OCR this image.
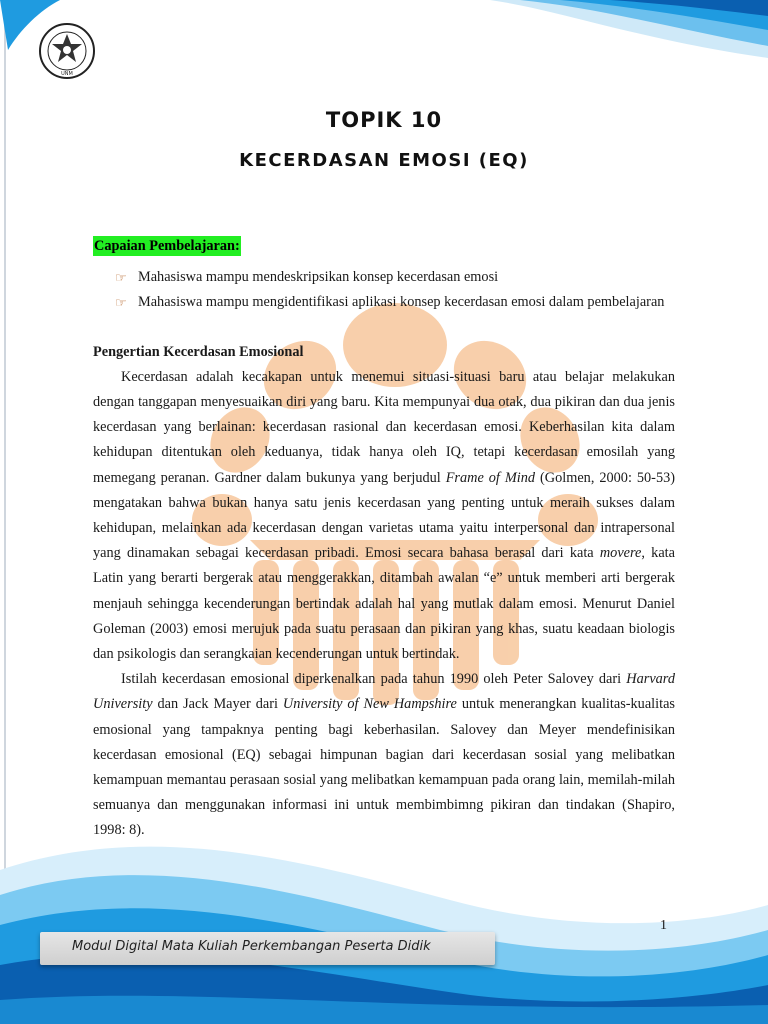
UNM
TOPIK 10
KECERDASAN EMOSI (EQ)
Capaian Pembelajaran:
☞ Mahasiswa mampu mendeskripsikan konsep kecerdasan emosi
☞ Mahasiswa mampu mengidentifikasi aplikasi konsep kecerdasan emosi dalam pembelajaran
Pengertian Kecerdasan Emosional

Kecerdasan adalah kecakapan untuk menemui situasi-situasi baru atau belajar melakukan dengan tanggapan menyesuaikan diri yang baru. Kita mempunyai dua otak, dua pikiran dan dua jenis kecerdasan yang berlainan: kecerdasan rasional dan kecerdasan emosi. Keberhasilan kita dalam kehidupan ditentukan oleh keduanya, tidak hanya oleh IQ, tetapi kecerdasan emosilah yang memegang peranan. Gardner dalam bukunya yang berjudul Frame of Mind (Golmen, 2000: 50-53) mengatakan bahwa bukan hanya satu jenis kecerdasan yang penting untuk meraih sukses dalam kehidupan, melainkan ada kecerdasan dengan varietas utama yaitu interpersonal dan intrapersonal yang dinamakan sebagai kecerdasan pribadi. Emosi secara bahasa berasal dari kata movere, kata Latin yang berarti bergerak atau menggerakkan, ditambah awalan “e” untuk memberi arti bergerak menjauh sehingga kecenderungan bertindak adalah hal yang mutlak dalam emosi. Menurut Daniel Goleman (2003) emosi merujuk pada suatu perasaan dan pikiran yang khas, suatu keadaan biologis dan psikologis dan serangkaian kecenderungan untuk bertindak.

Istilah kecerdasan emosional diperkenalkan pada tahun 1990 oleh Peter Salovey dari Harvard University dan Jack Mayer dari University of New Hampshire untuk menerangkan kualitas-kualitas emosional yang tampaknya penting bagi keberhasilan. Salovey dan Meyer mendefinisikan kecerdasan emosional (EQ) sebagai himpunan bagian dari kecerdasan sosial yang melibatkan kemampuan memantau perasaan sosial yang melibatkan kemampuan pada orang lain, memilah-milah semuanya dan menggunakan informasi ini untuk membimbimng pikiran dan tindakan (Shapiro, 1998: 8).

1
Modul Digital Mata Kuliah Perkembangan Peserta Didik
